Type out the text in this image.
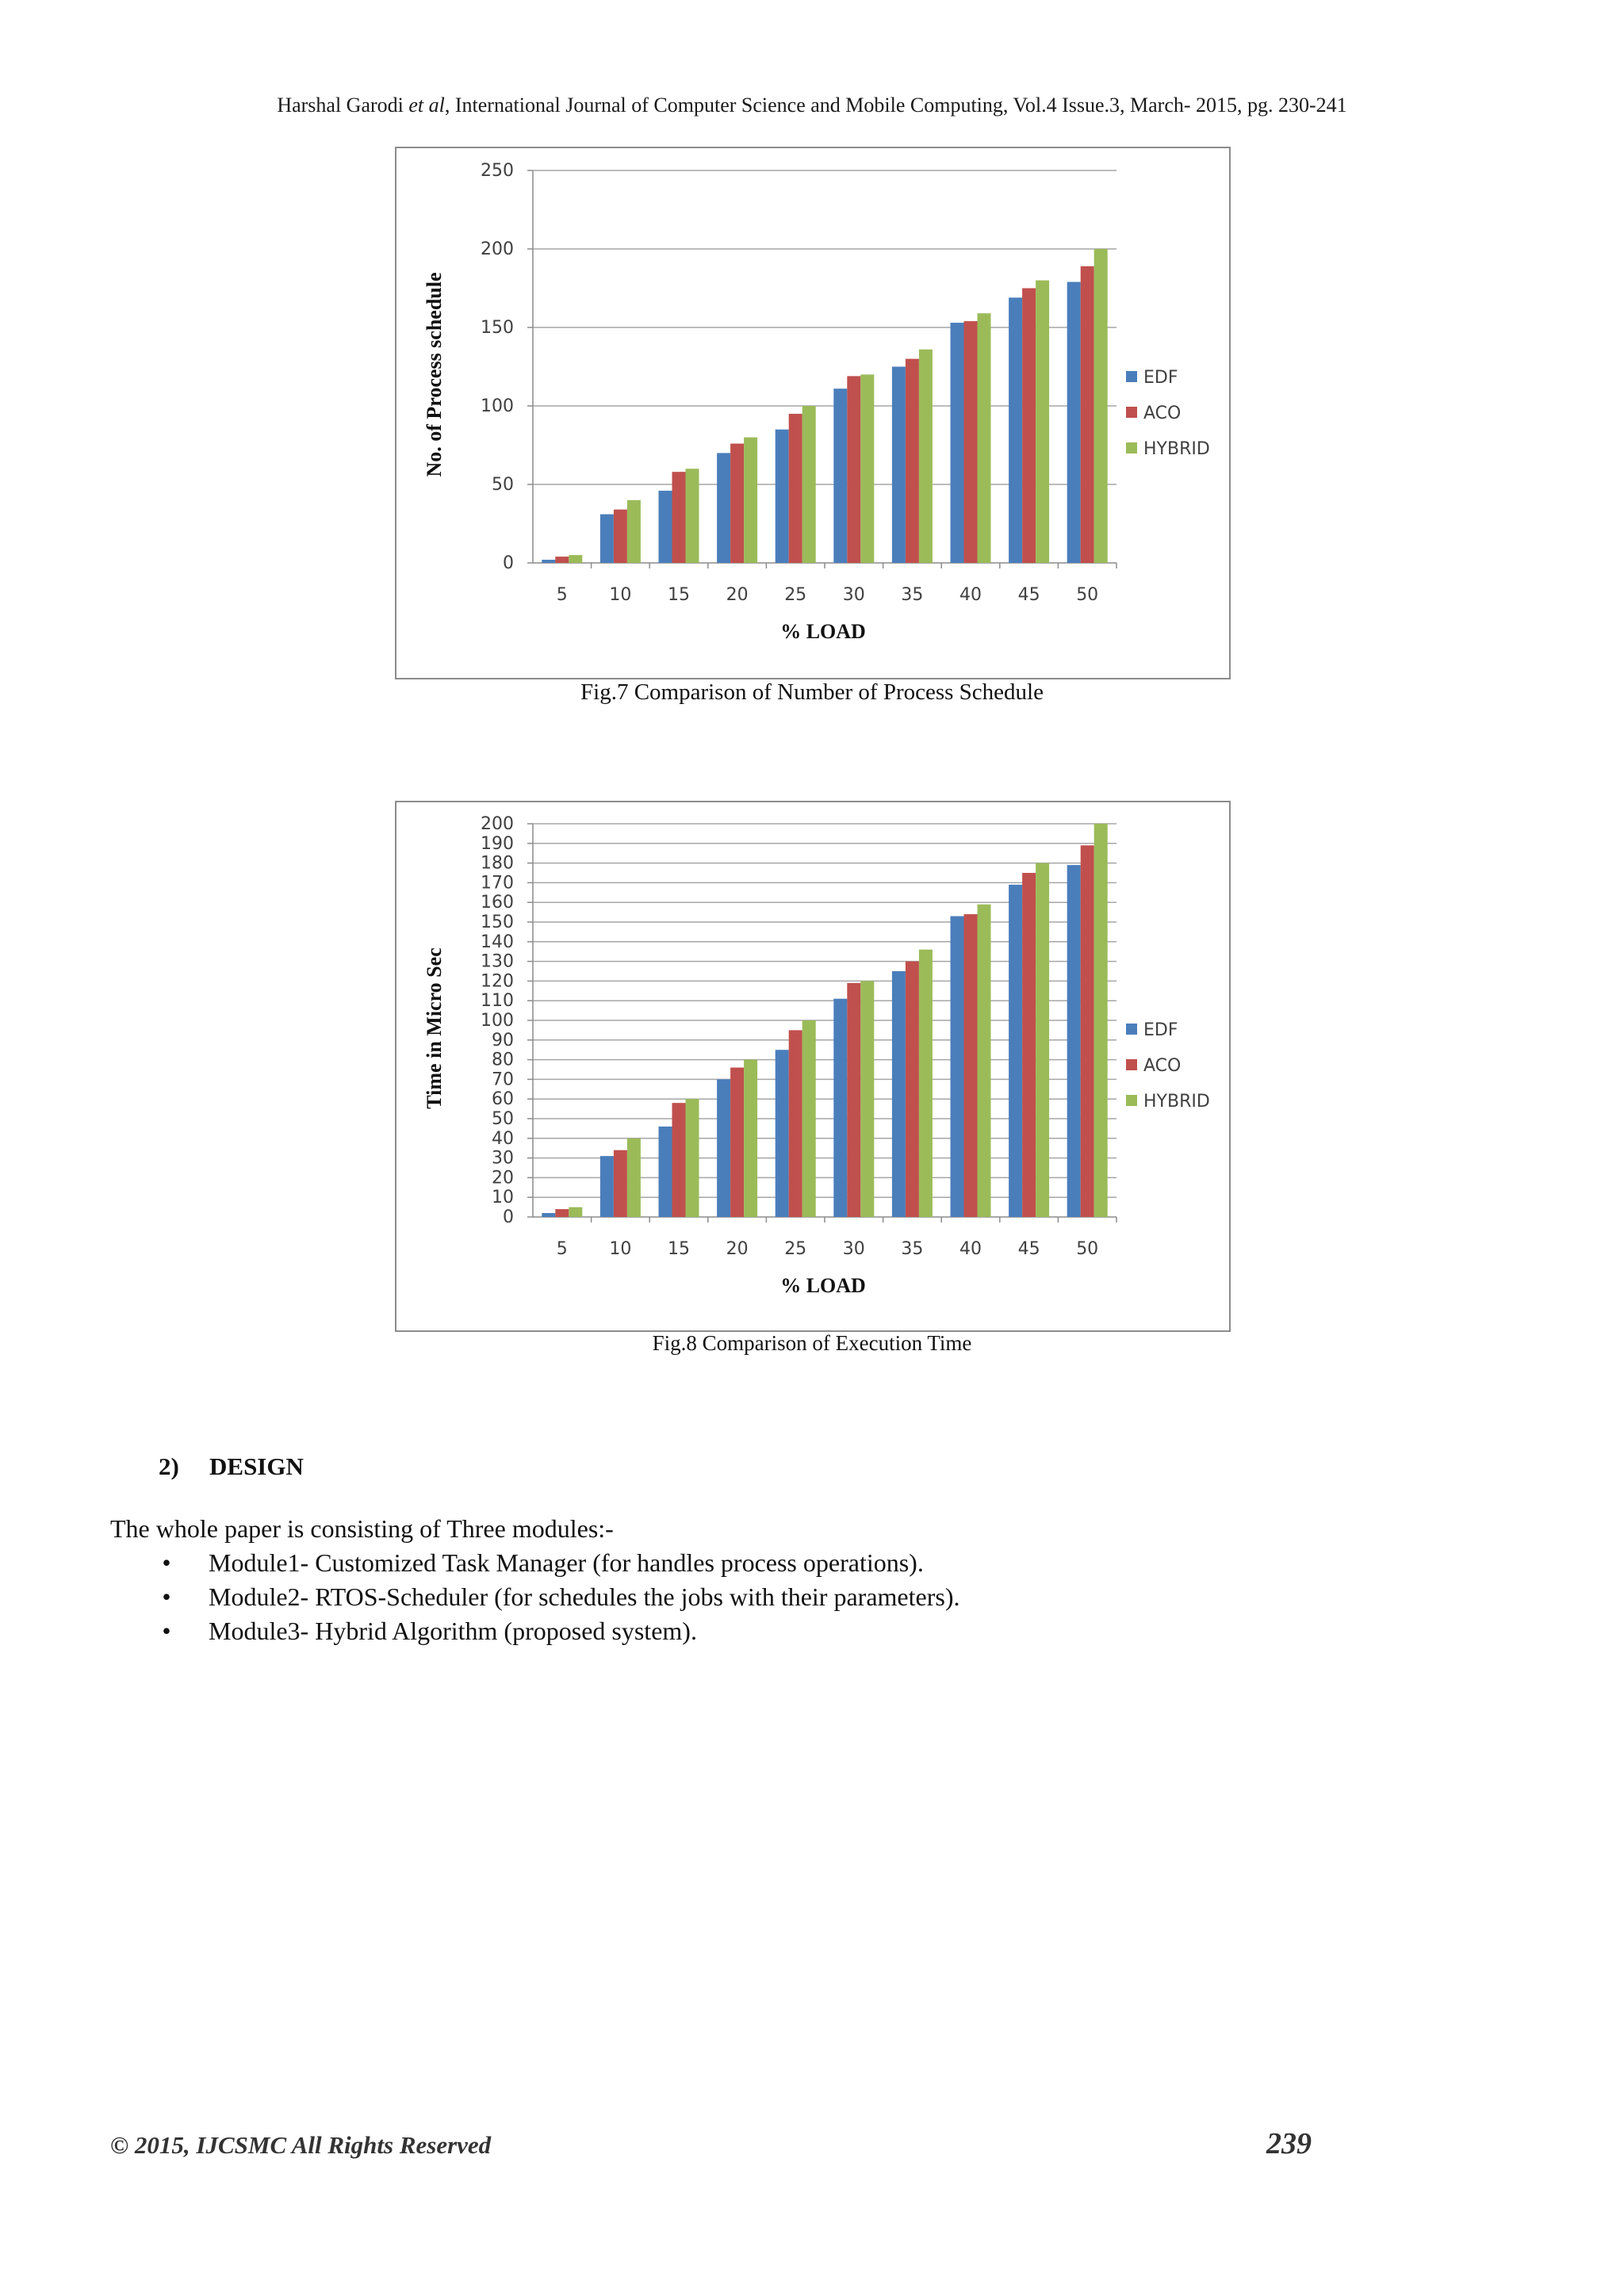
Harshal Garodi et al, International Journal of Computer Science and Mobile Computing, Vol.4 Issue.3, March- 2015, pg. 230-241
0
50
100
150
200
250
5 10 15 20 25 30 35 40 45 50
% LOAD
No. of Process schedule	EDF
ACO
HYBRID
Fig.7 Comparison of Number of Process Schedule
0
10
20
30
40
50
60
70
80
90
100
110
120
130
140
150
160
170
180
190
200
5 10 15 20 25 30 35 40 45 50
% LOAD
Time in Micro Sec	EDF
ACO
HYBRID
Fig.8 Comparison of Execution Time
2) DESIGN
The whole paper is consisting of Three modules:-
• Module1- Customized Task Manager (for handles process operations).
• Module2- RTOS-Scheduler (for schedules the jobs with their parameters).
• Module3- Hybrid Algorithm (proposed system).
© 2015, IJCSMC All Rights Reserved	239
